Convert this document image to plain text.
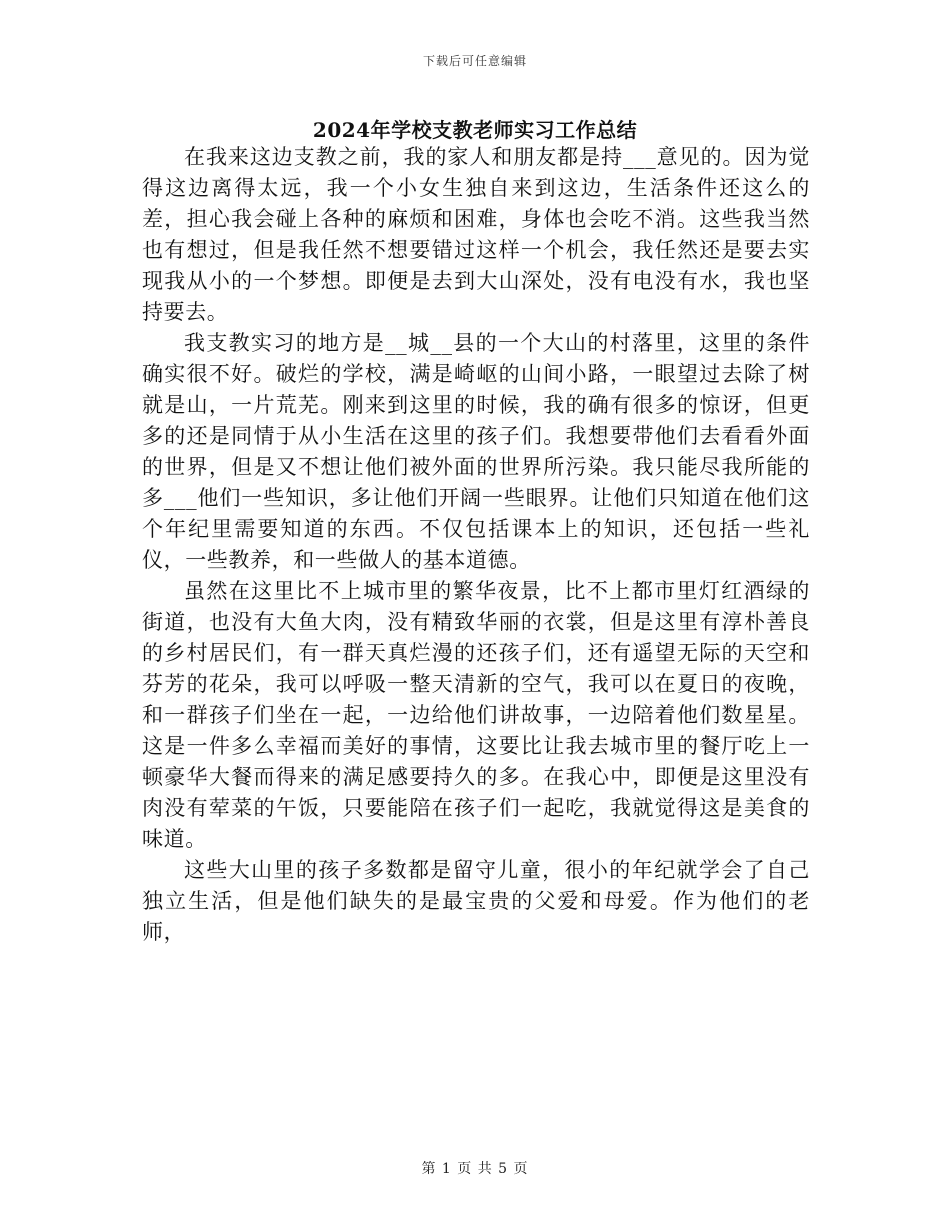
下载后可任意编辑
2024年学校支教老师实习工作总结

在我来这边支教之前，我的家人和朋友都是持___意见的。因为觉得这边离得太远，我一个小女生独自来到这边，生活条件还这么的差，担心我会碰上各种的麻烦和困难，身体也会吃不消。这些我当然也有想过，但是我任然不想要错过这样一个机会，我任然还是要去实现我从小的一个梦想。即便是去到大山深处，没有电没有水，我也坚持要去。

我支教实习的地方是__城__县的一个大山的村落里，这里的条件确实很不好。破烂的学校，满是崎岖的山间小路，一眼望过去除了树就是山，一片荒芜。刚来到这里的时候，我的确有很多的惊讶，但更多的还是同情于从小生活在这里的孩子们。我想要带他们去看看外面的世界，但是又不想让他们被外面的世界所污染。我只能尽我所能的多___他们一些知识，多让他们开阔一些眼界。让他们只知道在他们这个年纪里需要知道的东西。不仅包括课本上的知识，还包括一些礼仪，一些教养，和一些做人的基本道德。

虽然在这里比不上城市里的繁华夜景，比不上都市里灯红酒绿的街道，也没有大鱼大肉，没有精致华丽的衣裳，但是这里有淳朴善良的乡村居民们，有一群天真烂漫的还孩子们，还有遥望无际的天空和芬芳的花朵，我可以呼吸一整天清新的空气，我可以在夏日的夜晚，和一群孩子们坐在一起，一边给他们讲故事，一边陪着他们数星星。这是一件多么幸福而美好的事情，这要比让我去城市里的餐厅吃上一顿豪华大餐而得来的满足感要持久的多。在我心中，即便是这里没有肉没有荤菜的午饭，只要能陪在孩子们一起吃，我就觉得这是美食的味道。

这些大山里的孩子多数都是留守儿童，很小的年纪就学会了自己独立生活，但是他们缺失的是最宝贵的父爱和母爱。作为他们的老师，

第 1 页 共 5 页
